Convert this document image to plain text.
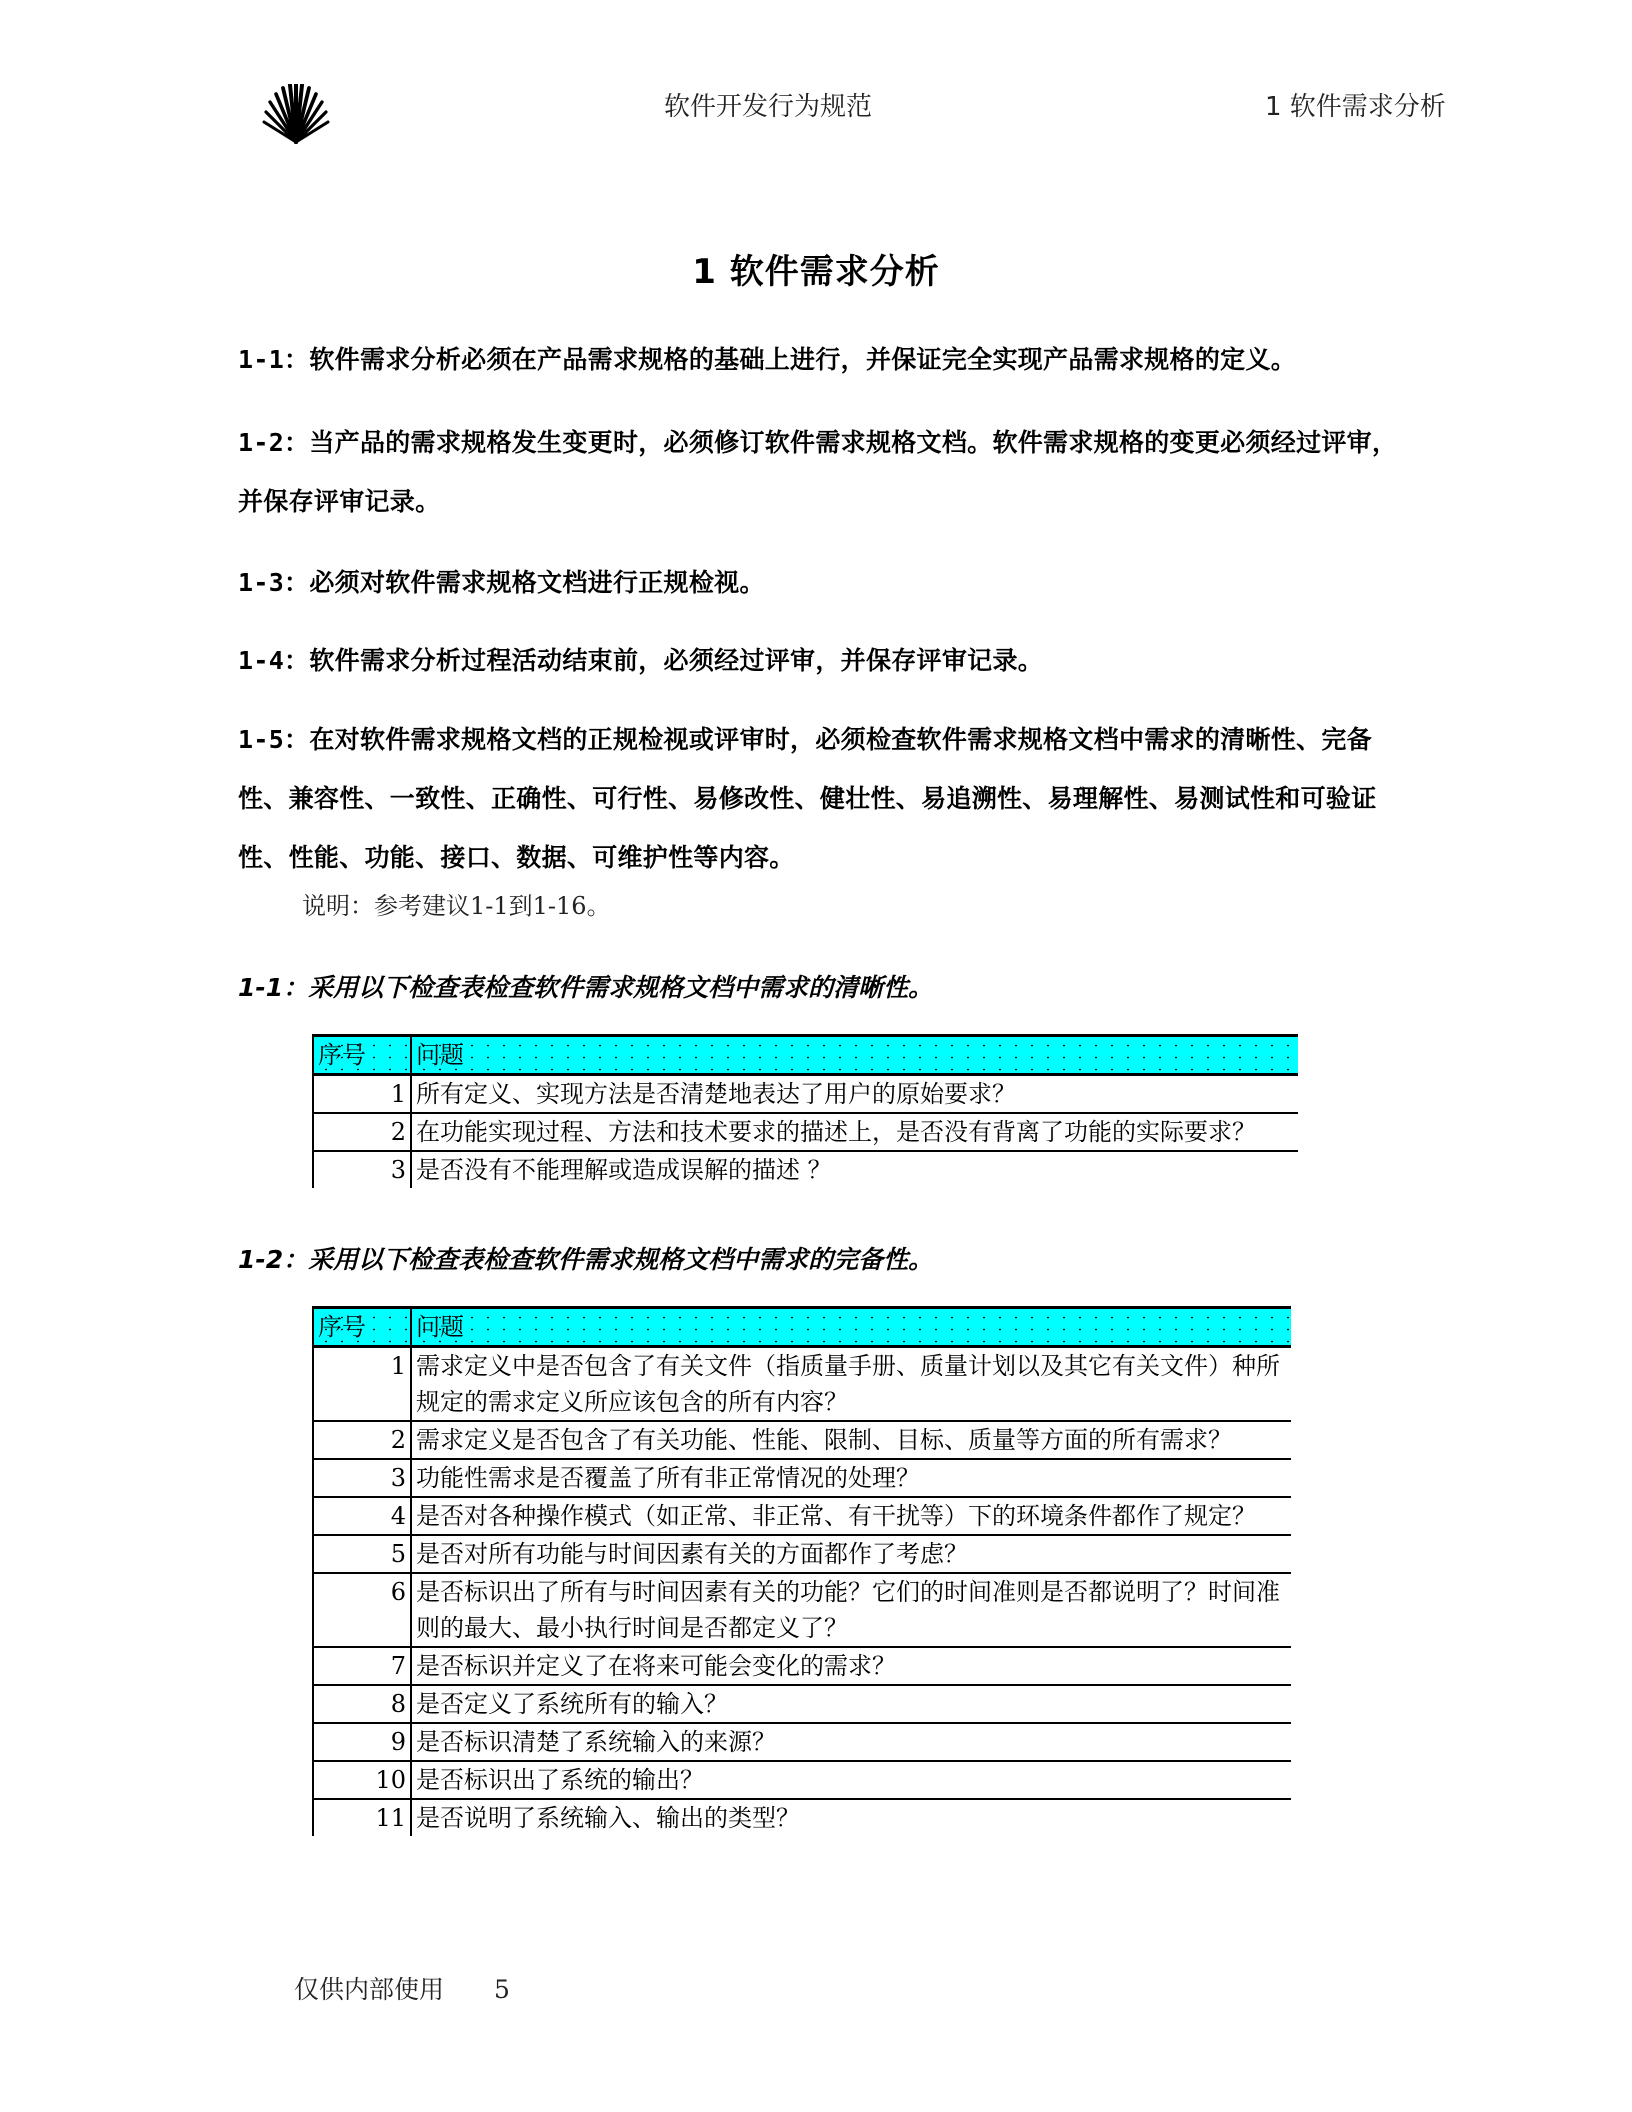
软件开发行为规范	1 软件需求分析
1 软件需求分析
1-1：软件需求分析必须在产品需求规格的基础上进行，并保证完全实现产品需求规格的定义。
1-2：当产品的需求规格发生变更时，必须修订软件需求规格文档。软件需求规格的变更必须经过评审，并保存评审记录。
1-3：必须对软件需求规格文档进行正规检视。
1-4：软件需求分析过程活动结束前，必须经过评审，并保存评审记录。
1-5：在对软件需求规格文档的正规检视或评审时，必须检查软件需求规格文档中需求的清晰性、完备性、兼容性、一致性、正确性、可行性、易修改性、健壮性、易追溯性、易理解性、易测试性和可验证性、性能、功能、接口、数据、可维护性等内容。
说明：参考建议1-1到1-16。
1-1：采用以下检查表检查软件需求规格文档中需求的清晰性。
序号	问题
1	所有定义、实现方法是否清楚地表达了用户的原始要求？
2	在功能实现过程、方法和技术要求的描述上，是否没有背离了功能的实际要求？
3	是否没有不能理解或造成误解的描述 ？
1-2：采用以下检查表检查软件需求规格文档中需求的完备性。
序号	问题
1	需求定义中是否包含了有关文件（指质量手册、质量计划以及其它有关文件）种所规定的需求定义所应该包含的所有内容？
2	需求定义是否包含了有关功能、性能、限制、目标、质量等方面的所有需求？
3	功能性需求是否覆盖了所有非正常情况的处理？
4	是否对各种操作模式（如正常、非正常、有干扰等）下的环境条件都作了规定？
5	是否对所有功能与时间因素有关的方面都作了考虑？
6	是否标识出了所有与时间因素有关的功能？它们的时间准则是否都说明了？时间准则的最大、最小执行时间是否都定义了？
7	是否标识并定义了在将来可能会变化的需求？
8	是否定义了系统所有的输入？
9	是否标识清楚了系统输入的来源？
10	是否标识出了系统的输出？
11	是否说明了系统输入、输出的类型？
仅供内部使用 5
